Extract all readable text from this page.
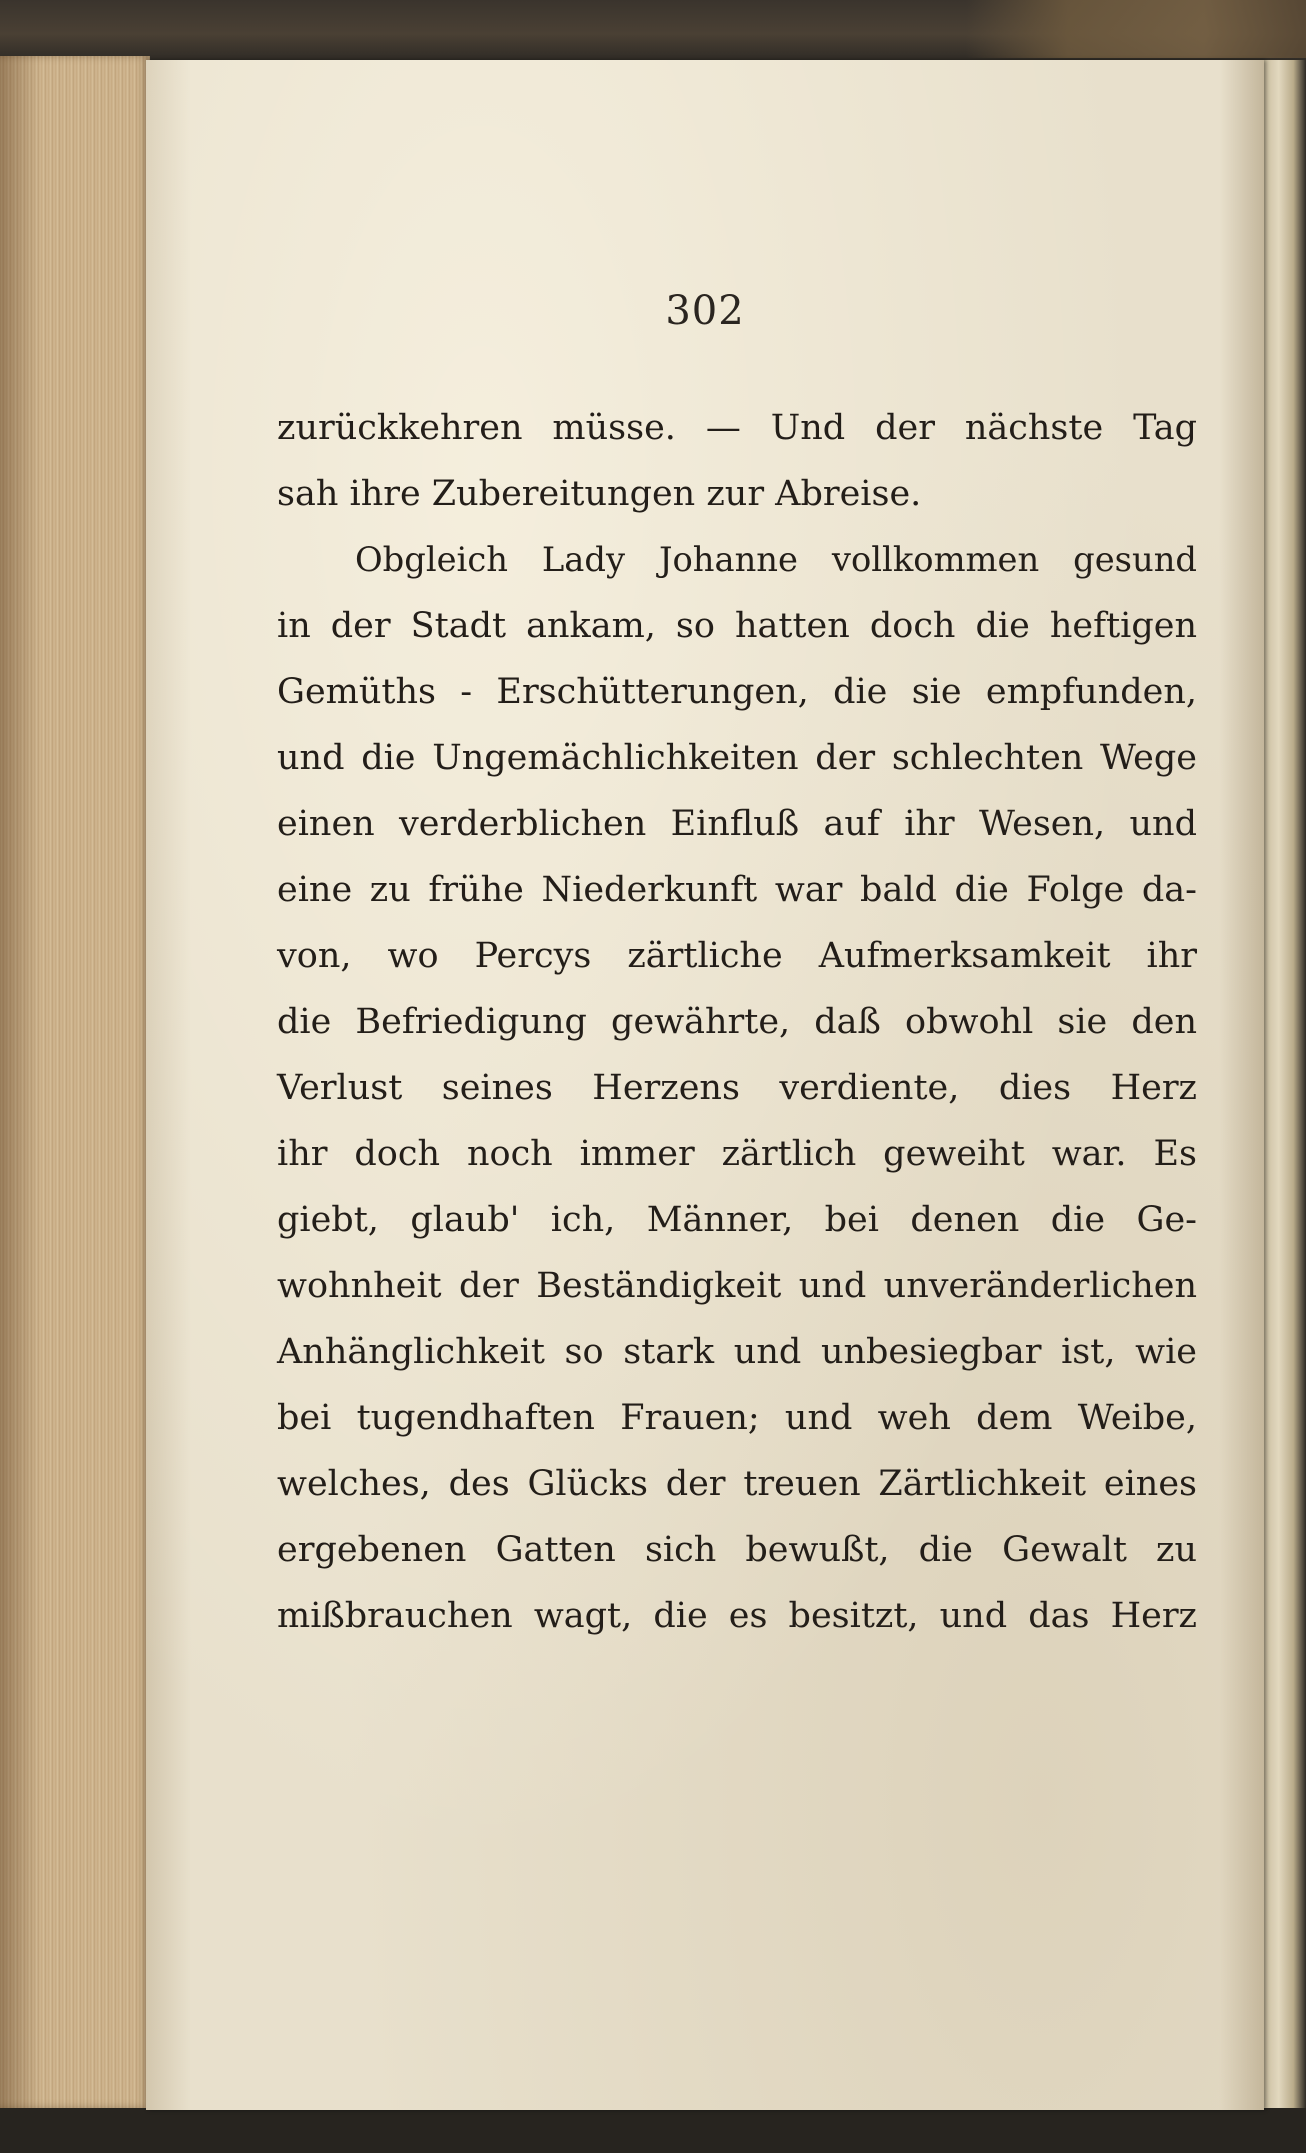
302
zurückkehren müsse. — Und der nächste Tag
sah ihre Zubereitungen zur Abreise.
Obgleich Lady Johanne vollkommen gesund
in der Stadt ankam, so hatten doch die heftigen
Gemüths - Erschütterungen, die sie empfunden,
und die Ungemächlichkeiten der schlechten Wege
einen verderblichen Einfluß auf ihr Wesen, und
eine zu frühe Niederkunft war bald die Folge da-
von, wo Percys zärtliche Aufmerksamkeit ihr
die Befriedigung gewährte, daß obwohl sie den
Verlust seines Herzens verdiente, dies Herz
ihr doch noch immer zärtlich geweiht war. Es
giebt, glaub' ich, Männer, bei denen die Ge-
wohnheit der Beständigkeit und unveränderlichen
Anhänglichkeit so stark und unbesiegbar ist, wie
bei tugendhaften Frauen; und weh dem Weibe,
welches, des Glücks der treuen Zärtlichkeit eines
ergebenen Gatten sich bewußt, die Gewalt zu
mißbrauchen wagt, die es besitzt, und das Herz
